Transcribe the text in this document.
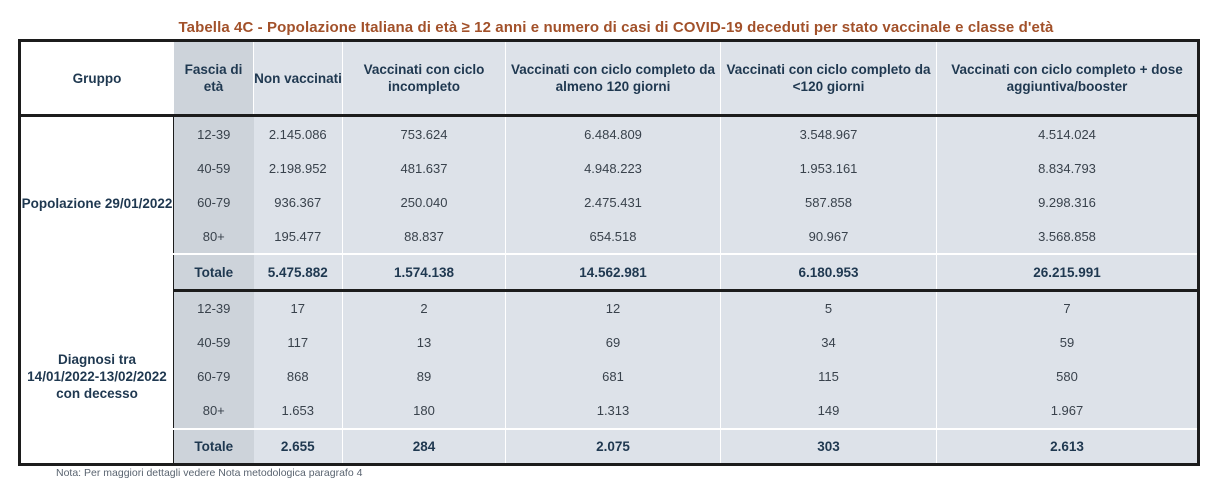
Tabella 4C - Popolazione Italiana di età ≥ 12 anni e numero di casi di COVID-19 deceduti per stato vaccinale e classe d'età
Gruppo	Fascia di età	Non vaccinati	Vaccinati con ciclo incompleto	Vaccinati con ciclo completo da almeno 120 giorni	Vaccinati con ciclo completo da <120 giorni	Vaccinati con ciclo completo + dose aggiuntiva/booster
Popolazione 29/01/2022	12-39	2.145.086	753.624	6.484.809	3.548.967	4.514.024
	40-59	2.198.952	481.637	4.948.223	1.953.161	8.834.793
	60-79	936.367	250.040	2.475.431	587.858	9.298.316
	80+	195.477	88.837	654.518	90.967	3.568.858
	Totale	5.475.882	1.574.138	14.562.981	6.180.953	26.215.991
Diagnosi tra 14/01/2022-13/02/2022 con decesso	12-39	17	2	12	5	7
	40-59	117	13	69	34	59
	60-79	868	89	681	115	580
	80+	1.653	180	1.313	149	1.967
	Totale	2.655	284	2.075	303	2.613
Nota: Per maggiori dettagli vedere Nota metodologica paragrafo 4
